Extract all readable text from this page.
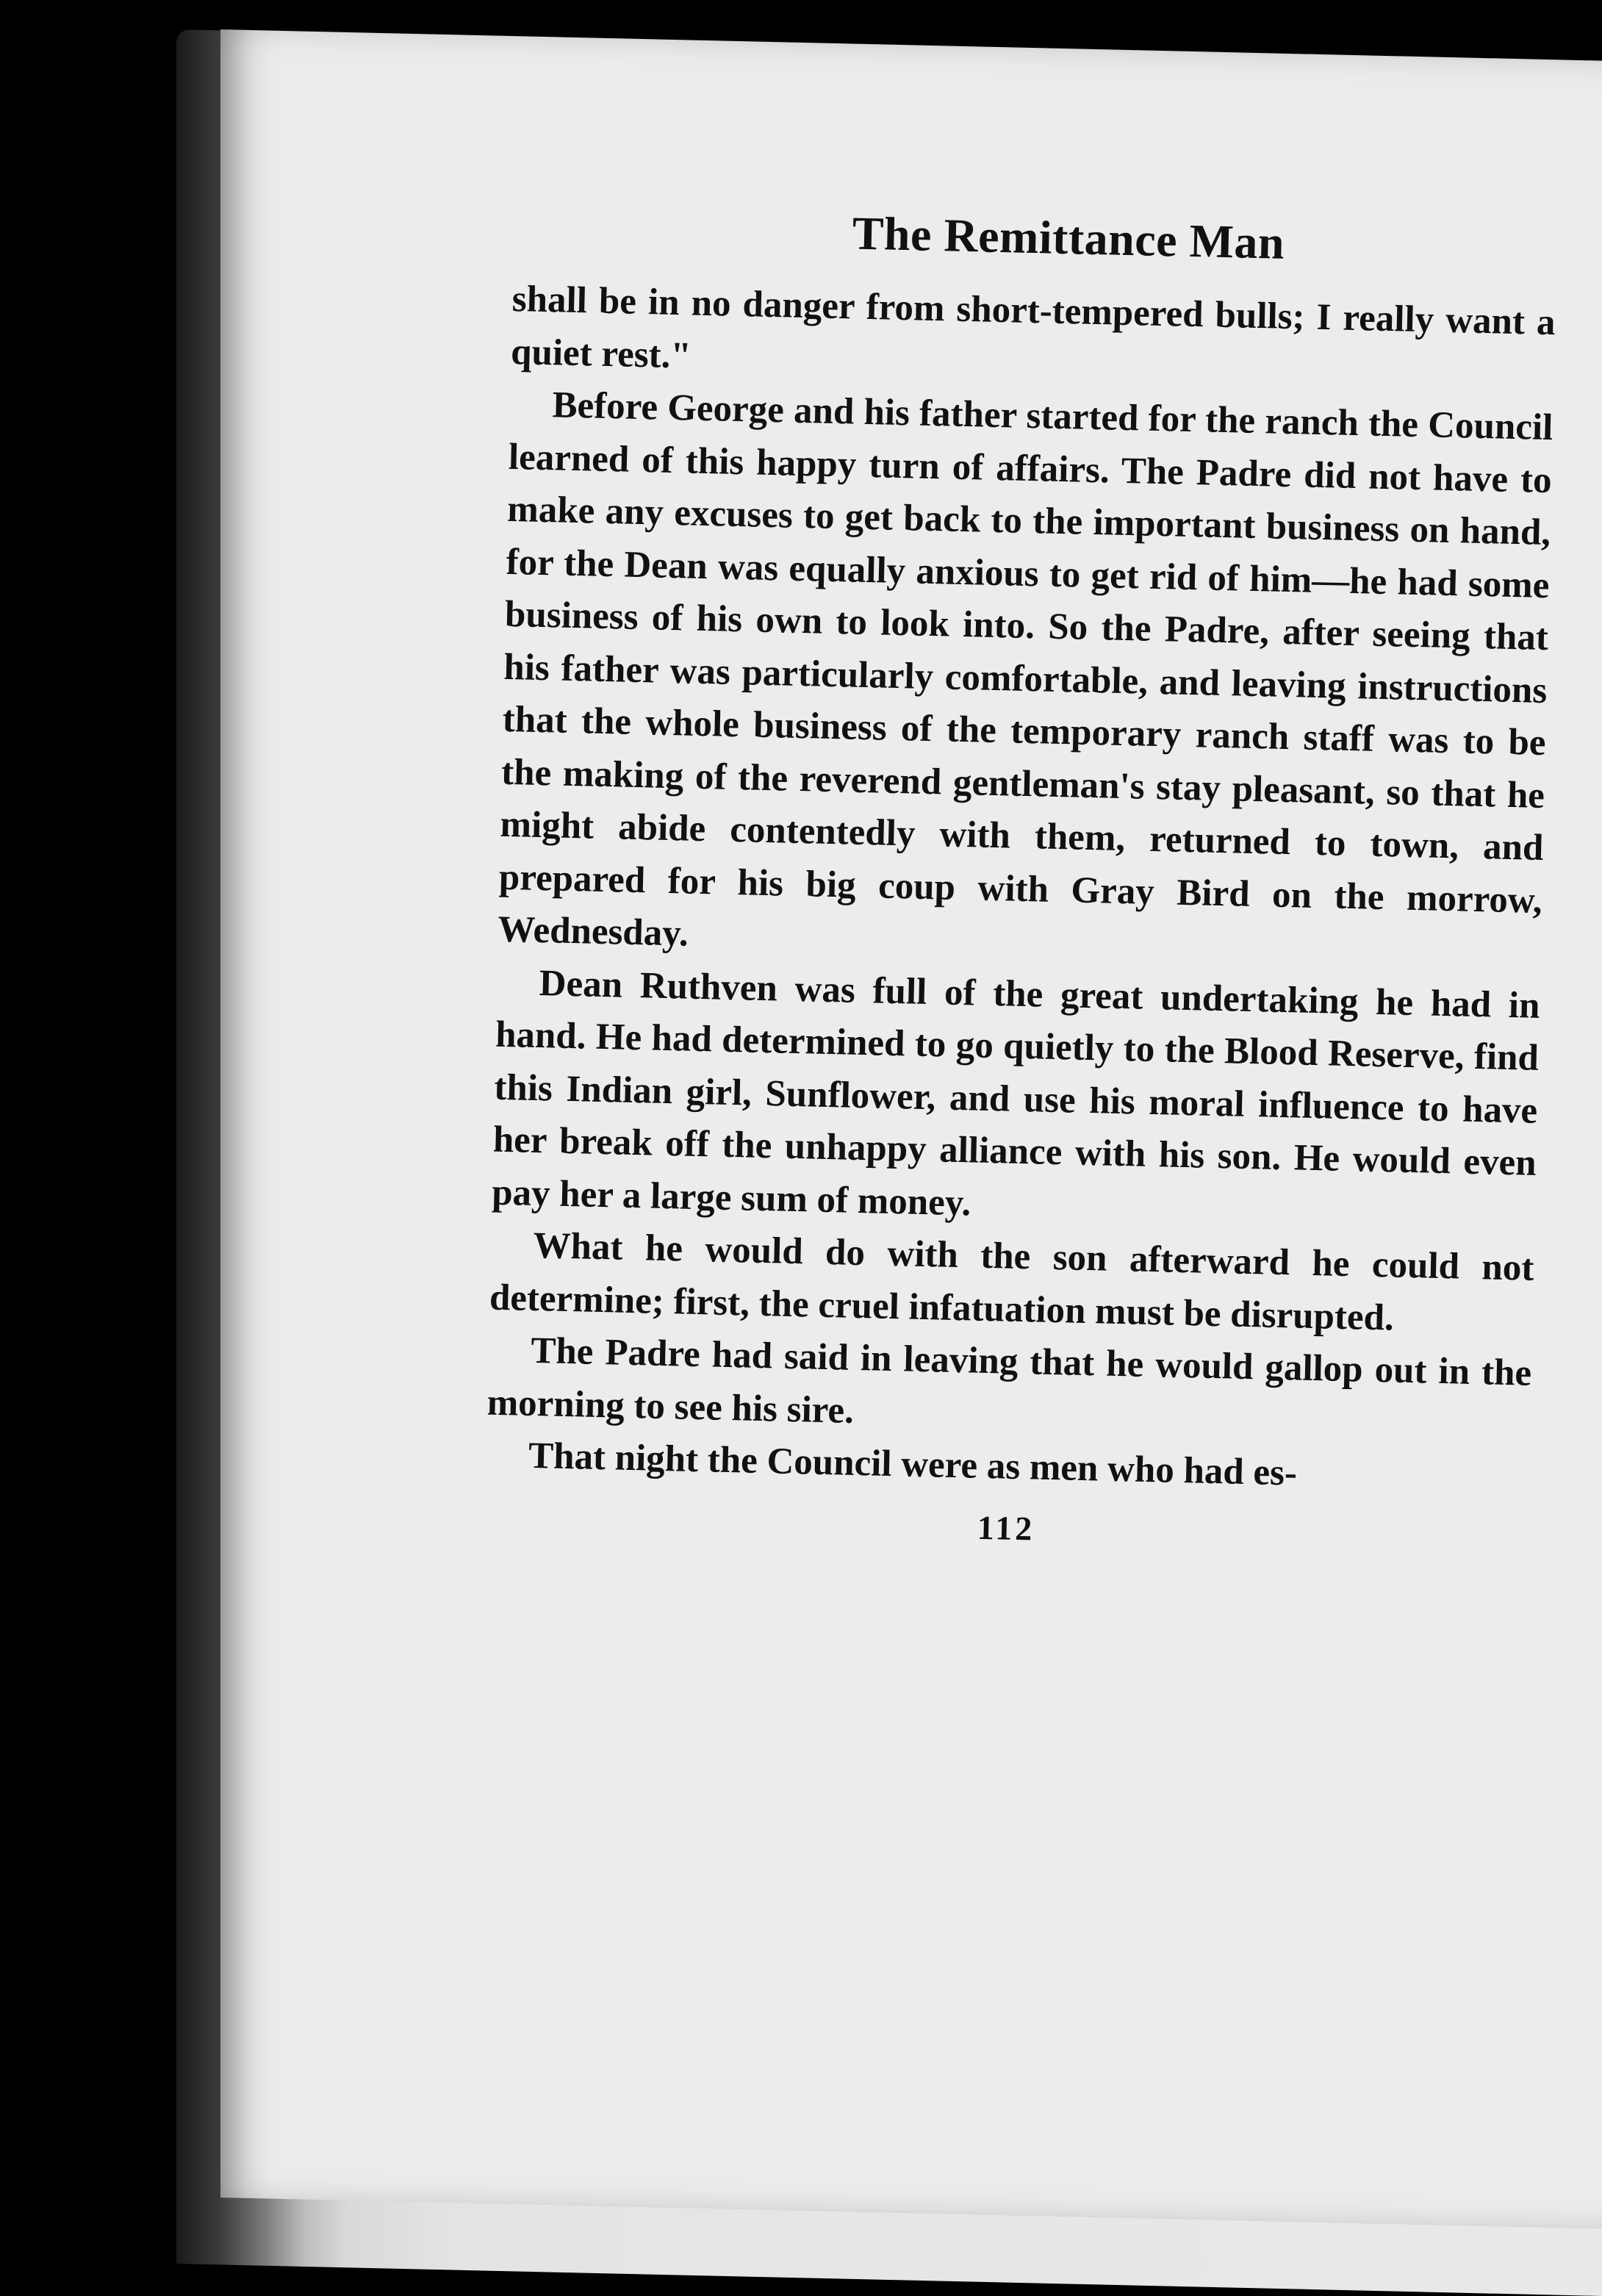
The Remittance Man

shall be in no danger from short-tempered bulls; I really want a quiet rest."

Before George and his father started for the ranch the Council learned of this happy turn of affairs. The Padre did not have to make any excuses to get back to the important business on hand, for the Dean was equally anxious to get rid of him—he had some business of his own to look into. So the Padre, after seeing that his father was particularly comfortable, and leaving instructions that the whole business of the temporary ranch staff was to be the making of the reverend gentleman's stay pleasant, so that he might abide contentedly with them, returned to town, and prepared for his big coup with Gray Bird on the morrow, Wednesday.

Dean Ruthven was full of the great undertaking he had in hand. He had determined to go quietly to the Blood Reserve, find this Indian girl, Sunflower, and use his moral influence to have her break off the unhappy alliance with his son. He would even pay her a large sum of money.

What he would do with the son afterward he could not determine; first, the cruel infatuation must be disrupted.

The Padre had said in leaving that he would gallop out in the morning to see his sire.

That night the Council were as men who had es-

112
